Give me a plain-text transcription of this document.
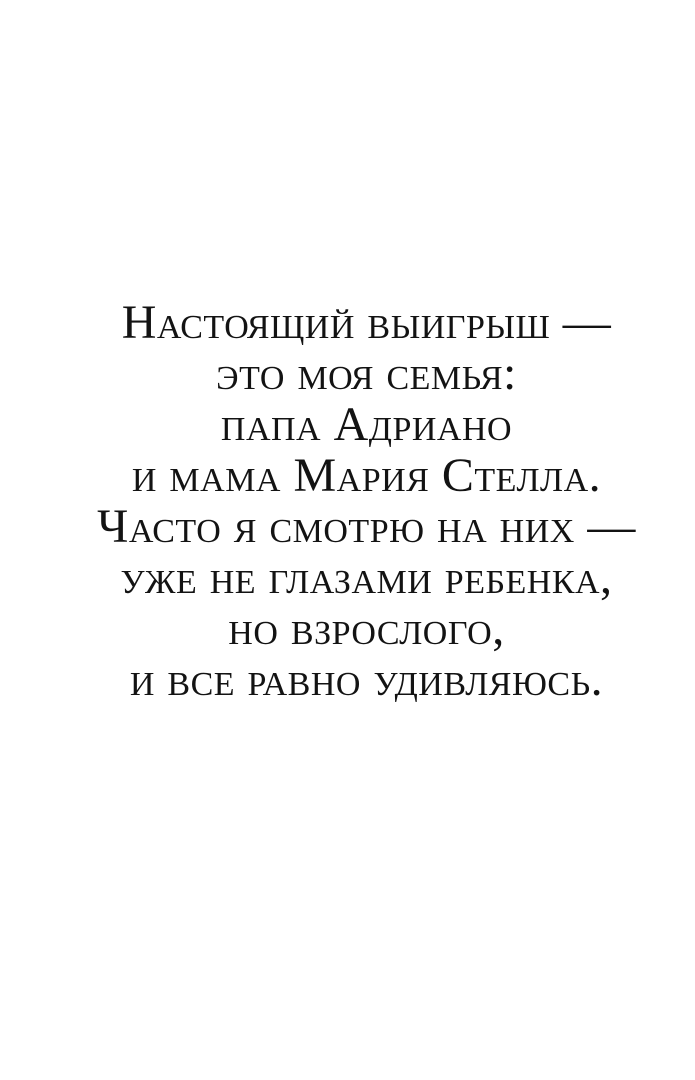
Настоящий выигрыш —
это моя семья:
папа Адриано
и мама Мария Стелла.
Часто я смотрю на них —
уже не глазами ребенка,
но взрослого,
и все равно удивляюсь.
